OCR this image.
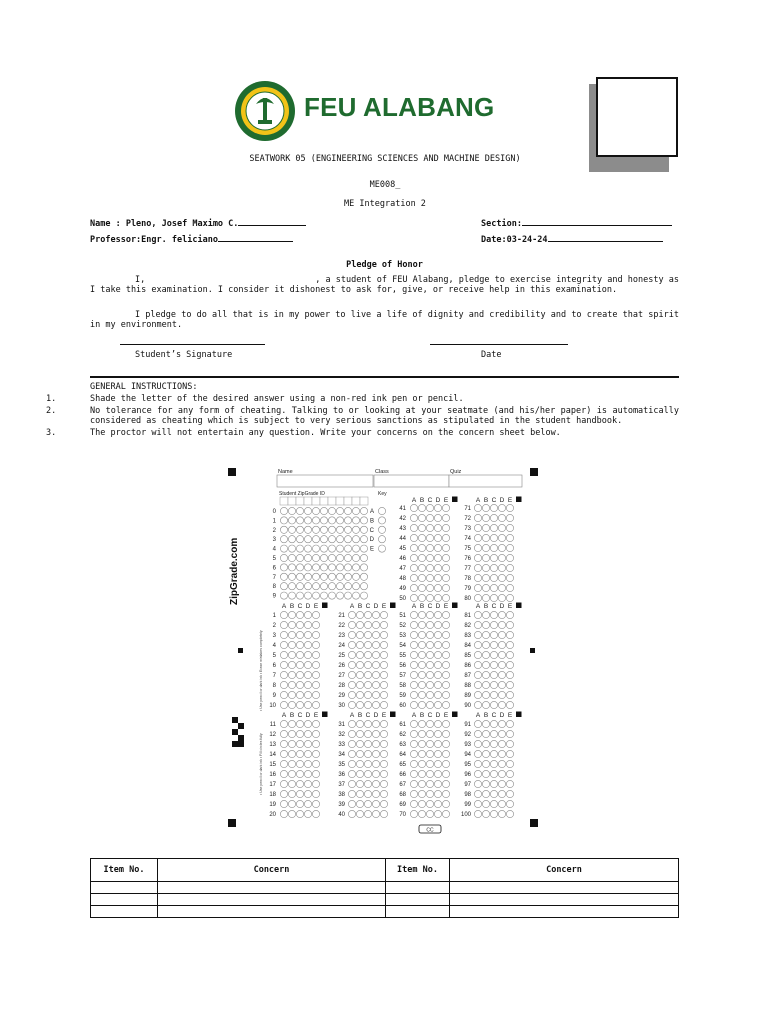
FEU ALABANG
SEATWORK 05 (ENGINEERING SCIENCES AND MACHINE DESIGN)
ME008_
ME Integration 2
Name : Pleno, Josef Maximo C.	Section:
Professor:Engr. feliciano	Date:03-24-24
Pledge of Honor
I,	, a student of FEU Alabang, pledge to exercise integrity and honesty as I take this examination. I consider it dishonest to ask for, give, or receive help in this examination.
I pledge to do all that is in my power to live a life of dignity and credibility and to create that spirit in my environment.
Student’s Signature	Date
GENERAL INSTRUCTIONS:
1.	Shade the letter of the desired answer using a non-red ink pen or pencil.
2.	No tolerance for any form of cheating. Talking to or looking at your seatmate (and his/her paper) is automatically considered as cheating which is subject to very serious sanctions as stipulated in the student handbook.
3.	The proctor will not entertain any question. Write your concerns on the concern sheet below.
Name	Class	Quiz
ZipGrade.com
Student ZipGrade ID	Key
0
1
2
3
4
5
6
7
8
9
A
B
C
D
E
A B C D E	A B C D E
41	71
42	72
43	73
44	74
45	75
46	76
47	77
48	78
49	79
50	80
A B C D E
1
2
3
4
5
6
7
8
9
10
A B C D E
21
22
23
24
25
26
27
28
29
30
A B C D E
51
52
53
54
55
56
57
58
59
60
A B C D E
81
82
83
84
85
86
87
88
89
90
A B C D E
11
12
13
14
15
16
17
18
19
20
A B C D E
31
32
33
34
35
36
37
38
39
40
A B C D E
61
62
63
64
65
66
67
68
69
70
A B C D E
91
92
93
94
95
96
97
98
99
100
• Use pencil or dark ink • Erase mistakes completely
• Use pencil or dark ink • Fill circles fully
CC
Item No.	Concern	Item No.	Concern
